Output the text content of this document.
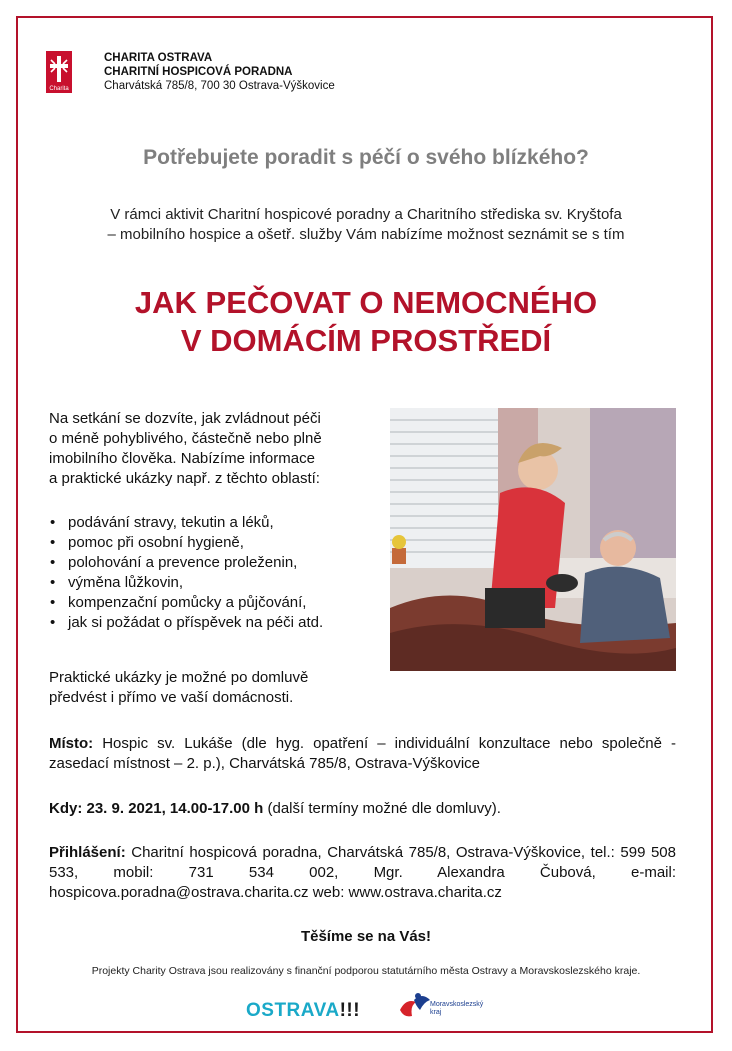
Charita
CHARITA OSTRAVA
CHARITNÍ HOSPICOVÁ PORADNA
Charvátská 785/8, 700 30 Ostrava-Výškovice
Potřebujete poradit s péčí o svého blízkého?
V rámci aktivit Charitní hospicové poradny a Charitního střediska sv. Kryštofa
– mobilního hospice a ošetř. služby Vám nabízíme možnost seznámit se s tím
JAK PEČOVAT O NEMOCNÉHO
V DOMÁCÍM PROSTŘEDÍ
Na setkání se dozvíte, jak zvládnout péči
o méně pohyblivého, částečně nebo plně
imobilního člověka. Nabízíme informace
a praktické ukázky např. z těchto oblastí:
• podávání stravy, tekutin a léků,
• pomoc při osobní hygieně,
• polohování a prevence proleženin,
• výměna lůžkovin,
• kompenzační pomůcky a půjčování,
• jak si požádat o příspěvek na péči atd.
Praktické ukázky je možné po domluvě
předvést i přímo ve vaší domácnosti.
Místo: Hospic sv. Lukáše (dle hyg. opatření – individuální konzultace nebo společně - zasedací místnost – 2. p.), Charvátská 785/8, Ostrava-Výškovice
Kdy: 23. 9. 2021, 14.00-17.00 h (další termíny možné dle domluvy).
Přihlášení: Charitní hospicová poradna, Charvátská 785/8, Ostrava-Výškovice, tel.: 599 508 533, mobil: 731 534 002, Mgr. Alexandra Čubová, e-mail: hospicova.poradna@ostrava.charita.cz web: www.ostrava.charita.cz
Těšíme se na Vás!
Projekty Charity Ostrava jsou realizovány s finanční podporou statutárního města Ostravy a Moravskoslezského kraje.
OSTRAVA!!!	Moravskoslezský
kraj
